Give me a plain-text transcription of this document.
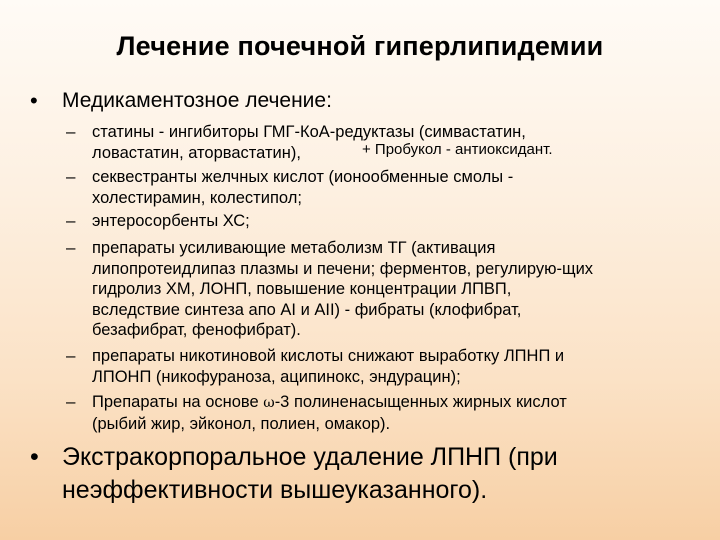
Лечение почечной гиперлипидемии
• Медикаментозное лечение:
– статины - ингибиторы ГМГ-КоА-редуктазы (симвастатин,
ловастатин, аторвастатин),	+ Пробукол - антиоксидант.
– секвестранты желчных кислот (ионообменные смолы -
холестирамин, колестипол;
– энтеросорбенты ХС;
– препараты усиливающие метаболизм ТГ (активация
липопротеидлипаз плазмы и печени; ферментов, регулирую-щих
гидролиз ХМ, ЛОНП, повышение концентрации ЛПВП,
вследствие синтеза апо AI и AII) - фибраты (клофибрат,
безафибрат, фенофибрат).
– препараты никотиновой кислоты снижают выработку ЛПНП и
ЛПОНП (никофураноза, аципинокс, эндурацин);
– Препараты на основе ω-3 полиненасыщенных жирных кислот
(рыбий жир, эйконол, полиен, омакор).
• Экстракорпоральное удаление ЛПНП (при
неэффективности вышеуказанного).
